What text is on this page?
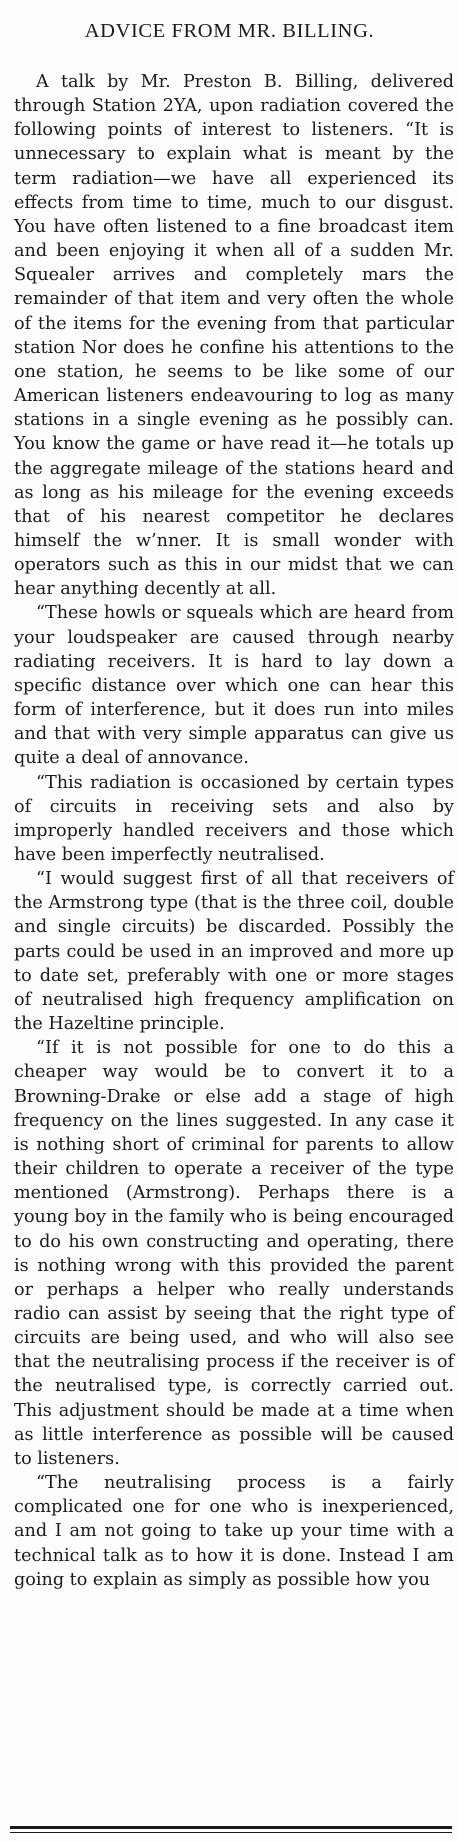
ADVICE FROM MR. BILLING.

A talk by Mr. Preston B. Billing, delivered through Station 2YA, upon radiation covered the following points of interest to listeners. “It is unnecessary to explain what is meant by the term radiation—we have all experienced its effects from time to time, much to our disgust. You have often listened to a fine broadcast item and been enjoying it when all of a sudden Mr. Squealer arrives and completely mars the remainder of that item and very often the whole of the items for the evening from that particular station Nor does he confine his attentions to the one station, he seems to be like some of our American listeners endeavouring to log as many stations in a single evening as he possibly can. You know the game or have read it—he totals up the aggregate mileage of the stations heard and as long as his mileage for the evening exceeds that of his nearest competitor he declares himself the w’nner. It is small wonder with operators such as this in our midst that we can hear anything decently at all.

“These howls or squeals which are heard from your loudspeaker are caused through nearby radiating receivers. It is hard to lay down a specific distance over which one can hear this form of interference, but it does run into miles and that with very simple apparatus can give us quite a deal of annovance.

“This radiation is occasioned by certain types of circuits in receiving sets and also by improperly handled receivers and those which have been imperfectly neutralised.

“I would suggest first of all that receivers of the Armstrong type (that is the three coil, double and single circuits) be discarded. Possibly the parts could be used in an improved and more up to date set, preferably with one or more stages of neutralised high frequency amplification on the Hazeltine principle.

“If it is not possible for one to do this a cheaper way would be to convert it to a Browning-Drake or else add a stage of high frequency on the lines suggested. In any case it is nothing short of criminal for parents to allow their children to operate a receiver of the type mentioned (Armstrong). Perhaps there is a young boy in the family who is being encouraged to do his own constructing and operating, there is nothing wrong with this provided the parent or perhaps a helper who really understands radio can assist by seeing that the right type of circuits are being used, and who will also see that the neutralising process if the receiver is of the neutralised type, is correctly carried out. This adjustment should be made at a time when as little interference as possible will be caused to listeners.

“The neutralising process is a fairly complicated one for one who is inexperienced, and I am not going to take up your time with a technical talk as to how it is done. Instead I am going to explain as simply as possible how you
